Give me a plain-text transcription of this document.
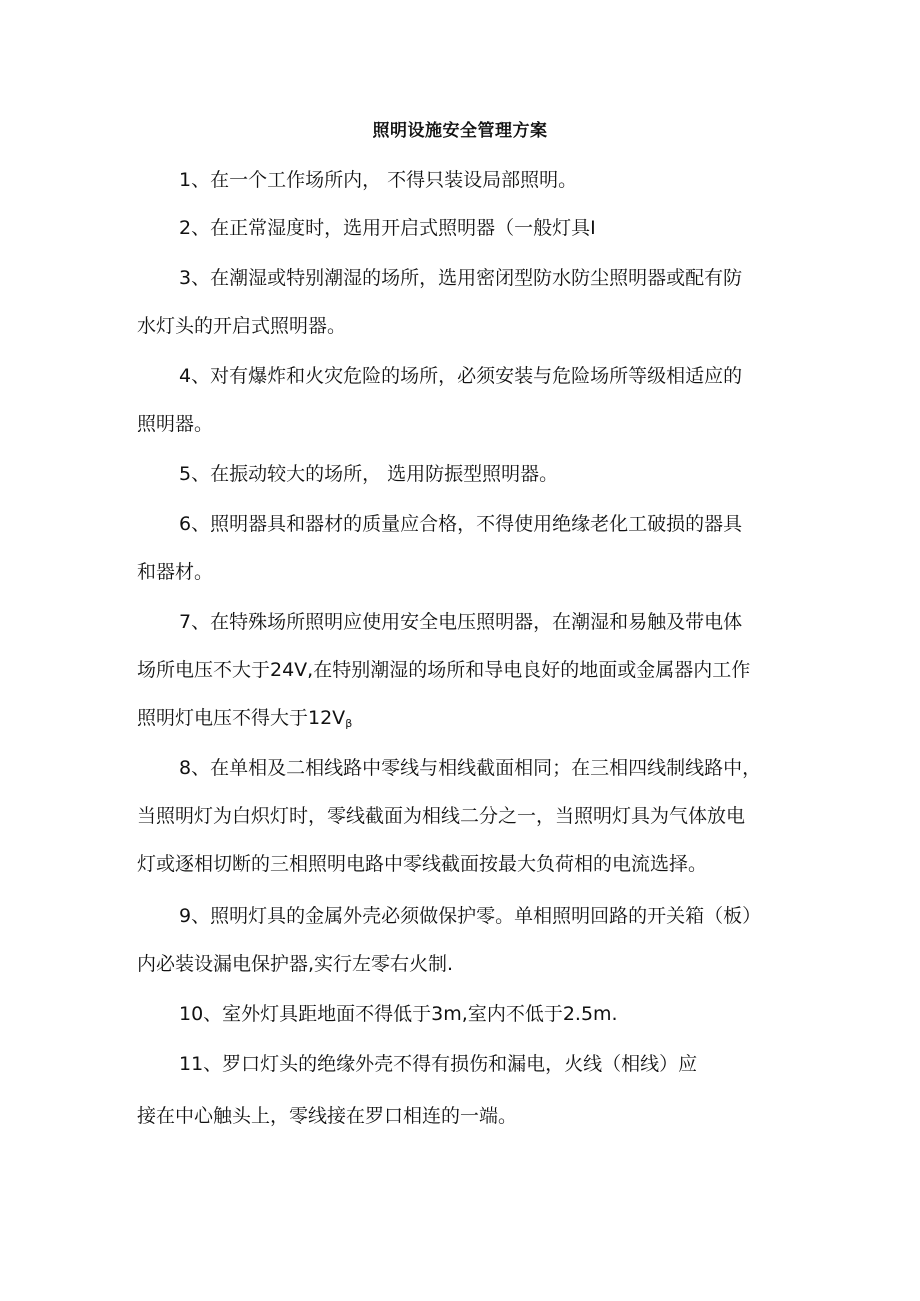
照明设施安全管理方案
1、在一个工作场所内， 不得只装设局部照明。
2、在正常湿度时，选用开启式照明器（一般灯具I
3、在潮湿或特别潮湿的场所，选用密闭型防水防尘照明器或配有防
水灯头的开启式照明器。
4、对有爆炸和火灾危险的场所，必须安装与危险场所等级相适应的
照明器。
5、在振动较大的场所， 选用防振型照明器。
6、照明器具和器材的质量应合格，不得使用绝缘老化工破损的器具
和器材。
7、在特殊场所照明应使用安全电压照明器，在潮湿和易触及带电体
场所电压不大于24V,在特别潮湿的场所和导电良好的地面或金属器内工作
照明灯电压不得大于$12V_\beta$
8、在单相及二相线路中零线与相线截面相同；在三相四线制线路中，
当照明灯为白炽灯时，零线截面为相线二分之一，当照明灯具为气体放电
灯或逐相切断的三相照明电路中零线截面按最大负荷相的电流选择。
9、照明灯具的金属外壳必须做保护零。单相照明回路的开关箱（板）
内必装设漏电保护器,实行左零右火制.
10、室外灯具距地面不得低于3m,室内不低于2.5m.
11、罗口灯头的绝缘外壳不得有损伤和漏电，火线（相线）应
接在中心触头上，零线接在罗口相连的一端。
